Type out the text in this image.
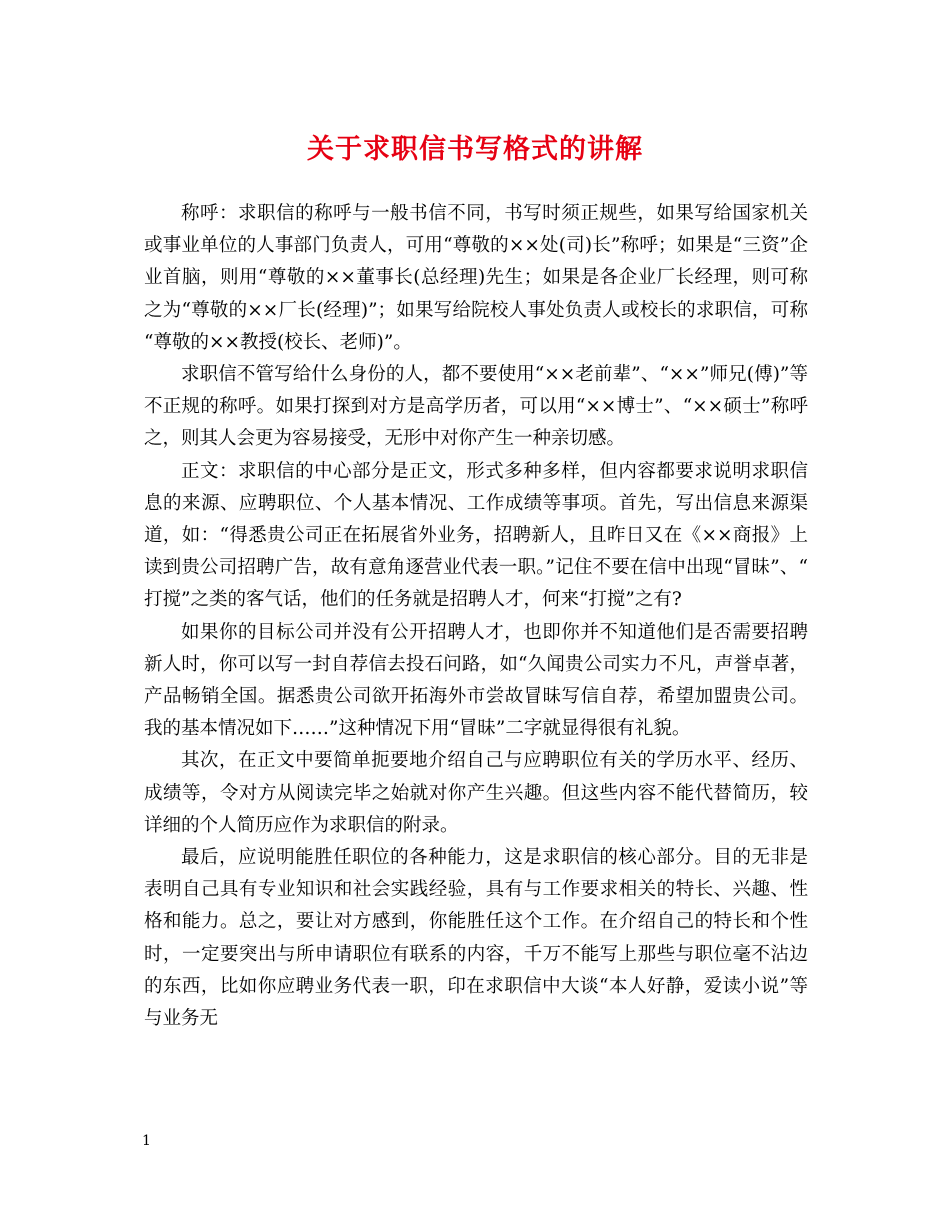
关于求职信书写格式的讲解

称呼：求职信的称呼与一般书信不同，书写时须正规些，如果写给国家机关或事业单位的人事部门负责人，可用“尊敬的××处(司)长”称呼；如果是“三资”企业首脑，则用“尊敬的××董事长(总经理)先生；如果是各企业厂长经理，则可称之为“尊敬的××厂长(经理)”；如果写给院校人事处负责人或校长的求职信，可称“尊敬的××教授(校长、老师)”。

求职信不管写给什么身份的人，都不要使用“××老前辈”、“××”师兄(傅)”等不正规的称呼。如果打探到对方是高学历者，可以用“××博士”、“××硕士”称呼之，则其人会更为容易接受，无形中对你产生一种亲切感。

正文：求职信的中心部分是正文，形式多种多样，但内容都要求说明求职信息的来源、应聘职位、个人基本情况、工作成绩等事项。首先，写出信息来源渠道，如：“得悉贵公司正在拓展省外业务，招聘新人，且昨日又在《××商报》上读到贵公司招聘广告，故有意角逐营业代表一职。”记住不要在信中出现“冒昧”、“打搅”之类的客气话，他们的任务就是招聘人才，何来“打搅”之有?

如果你的目标公司并没有公开招聘人才，也即你并不知道他们是否需要招聘新人时，你可以写一封自荐信去投石问路，如“久闻贵公司实力不凡，声誉卓著，产品畅销全国。据悉贵公司欲开拓海外市尝故冒昧写信自荐，希望加盟贵公司。我的基本情况如下……”这种情况下用“冒昧”二字就显得很有礼貌。

其次，在正文中要简单扼要地介绍自己与应聘职位有关的学历水平、经历、成绩等，令对方从阅读完毕之始就对你产生兴趣。但这些内容不能代替简历，较详细的个人简历应作为求职信的附录。

最后，应说明能胜任职位的各种能力，这是求职信的核心部分。目的无非是表明自己具有专业知识和社会实践经验，具有与工作要求相关的特长、兴趣、性格和能力。总之，要让对方感到，你能胜任这个工作。在介绍自己的特长和个性时，一定要突出与所申请职位有联系的内容，千万不能写上那些与职位毫不沾边的东西，比如你应聘业务代表一职，印在求职信中大谈“本人好静，爱读小说”等与业务无

1
